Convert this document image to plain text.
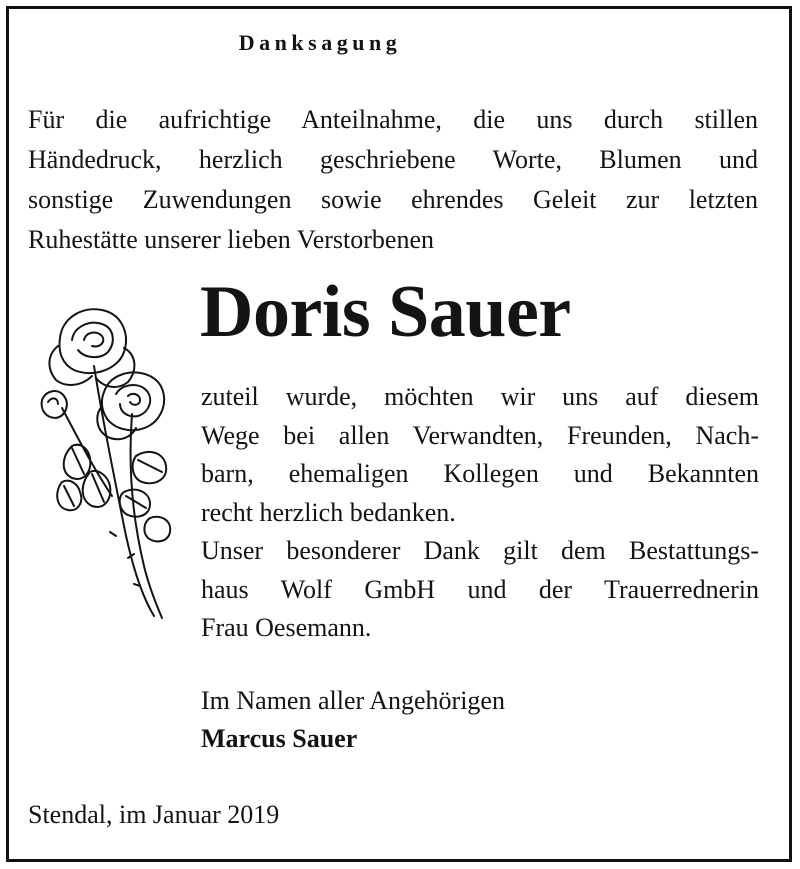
Danksagung
Für die aufrichtige Anteilnahme, die uns durch stillen
Händedruck, herzlich geschriebene Worte, Blumen und
sonstige Zuwendungen sowie ehrendes Geleit zur letzten
Ruhestätte unserer lieben Verstorbenen
Doris Sauer
zuteil wurde, möchten wir uns auf diesem
Wege bei allen Verwandten, Freunden, Nach-
barn, ehemaligen Kollegen und Bekannten
recht herzlich bedanken.
Unser besonderer Dank gilt dem Bestattungs-
haus Wolf GmbH und der Trauerrednerin
Frau Oesemann.
Im Namen aller Angehörigen
Marcus Sauer
Stendal, im Januar 2019
